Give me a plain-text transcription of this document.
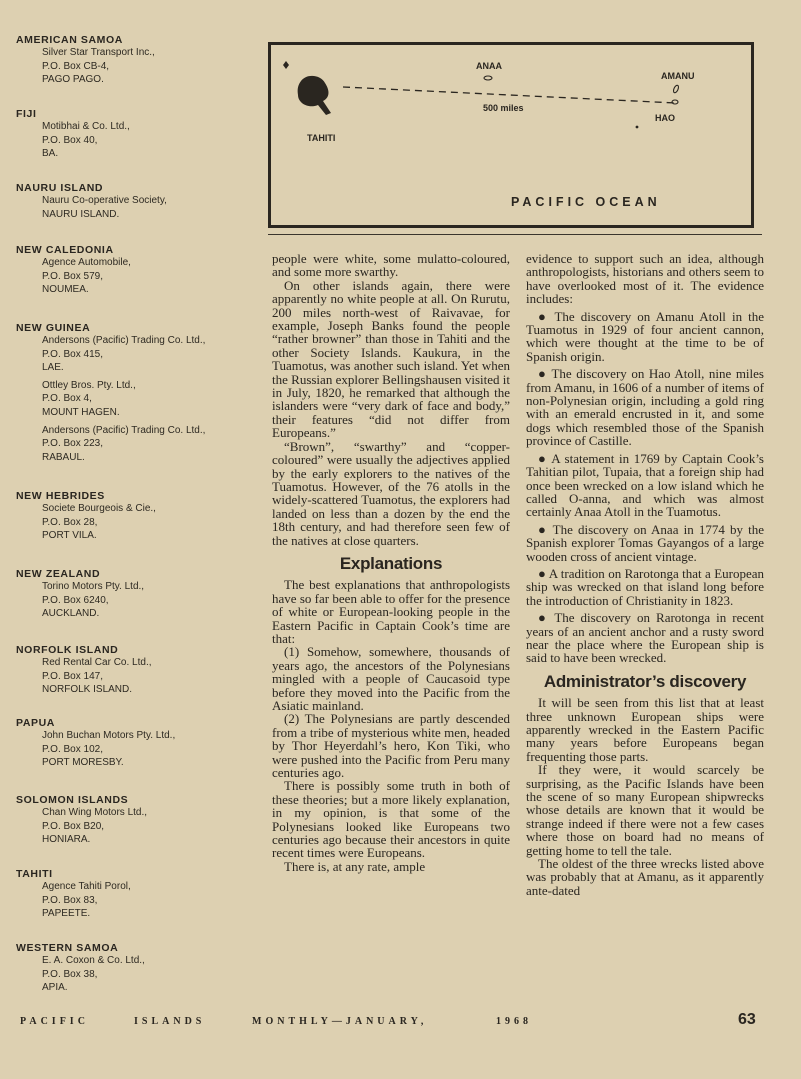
AMERICAN SAMOA
Silver Star Transport Inc.,
P.O. Box CB-4,
PAGO PAGO.
FIJI
Motibhai & Co. Ltd.,
P.O. Box 40,
BA.
NAURU ISLAND
Nauru Co-operative Society,
NAURU ISLAND.
NEW CALEDONIA
Agence Automobile,
P.O. Box 579,
NOUMEA.
NEW GUINEA
Andersons (Pacific) Trading Co. Ltd.,
P.O. Box 415,
LAE.
Ottley Bros. Pty. Ltd.,
P.O. Box 4,
MOUNT HAGEN.
Andersons (Pacific) Trading Co. Ltd.,
P.O. Box 223,
RABAUL.
NEW HEBRIDES
Societe Bourgeois & Cie.,
P.O. Box 28,
PORT VILA.
NEW ZEALAND
Torino Motors Pty. Ltd.,
P.O. Box 6240,
AUCKLAND.
NORFOLK ISLAND
Red Rental Car Co. Ltd.,
P.O. Box 147,
NORFOLK ISLAND.
PAPUA
John Buchan Motors Pty. Ltd.,
P.O. Box 102,
PORT MORESBY.
SOLOMON ISLANDS
Chan Wing Motors Ltd.,
P.O. Box B20,
HONIARA.
TAHITI
Agence Tahiti Porol,
P.O. Box 83,
PAPEETE.
WESTERN SAMOA
E. A. Coxon & Co. Ltd.,
P.O. Box 38,
APIA.
ANAA
AMANU
500 miles
HAO
TAHITI
PACIFIC OCEAN

people were white, some mulatto-coloured, and some more swarthy.

On other islands again, there were apparently no white people at all. On Rurutu, 200 miles north-west of Raivavae, for example, Joseph Banks found the people “rather browner” than those in Tahiti and the other Society Islands. Kaukura, in the Tuamotus, was another such island. Yet when the Russian explorer Bellingshausen visited it in July, 1820, he remarked that although the islanders were “very dark of face and body,” their features “did not differ from Europeans.”

“Brown”, “swarthy” and “copper-coloured” were usually the adjectives applied by the early explorers to the natives of the Tuamotus. However, of the 76 atolls in the widely-scattered Tuamotus, the explorers had landed on less than a dozen by the end the 18th century, and had therefore seen few of the natives at close quarters.

Explanations

The best explanations that anthropologists have so far been able to offer for the presence of white or European-looking people in the Eastern Pacific in Captain Cook’s time are that:

(1) Somehow, somewhere, thousands of years ago, the ancestors of the Polynesians mingled with a people of Caucasoid type before they moved into the Pacific from the Asiatic mainland.

(2) The Polynesians are partly descended from a tribe of mysterious white men, headed by Thor Heyerdahl’s hero, Kon Tiki, who were pushed into the Pacific from Peru many centuries ago.

There is possibly some truth in both of these theories; but a more likely explanation, in my opinion, is that some of the Polynesians looked like Europeans two centuries ago because their ancestors in quite recent times were Europeans.

There is, at any rate, ample

evidence to support such an idea, although anthropologists, historians and others seem to have overlooked most of it. The evidence includes:

● The discovery on Amanu Atoll in the Tuamotus in 1929 of four ancient cannon, which were thought at the time to be of Spanish origin.

● The discovery on Hao Atoll, nine miles from Amanu, in 1606 of a number of items of non-Polynesian origin, including a gold ring with an emerald encrusted in it, and some dogs which resembled those of the Spanish province of Castille.

● A statement in 1769 by Captain Cook’s Tahitian pilot, Tupaia, that a foreign ship had once been wrecked on a low island which he called O-anna, and which was almost certainly Anaa Atoll in the Tuamotus.

● The discovery on Anaa in 1774 by the Spanish explorer Tomas Gayangos of a large wooden cross of ancient vintage.

● A tradition on Rarotonga that a European ship was wrecked on that island long before the introduction of Christianity in 1823.

● The discovery on Rarotonga in recent years of an ancient anchor and a rusty sword near the place where the European ship is said to have been wrecked.

Administrator’s discovery

It will be seen from this list that at least three unknown European ships were apparently wrecked in the Eastern Pacific many years before Europeans began frequenting those parts.

If they were, it would scarcely be surprising, as the Pacific Islands have been the scene of so many European shipwrecks whose details are known that it would be strange indeed if there were not a few cases where those on board had no means of getting home to tell the tale.

The oldest of the three wrecks listed above was probably that at Amanu, as it apparently ante-dated

PACIFIC	ISLANDS	MONTHLY—JANUARY,	1968	63
